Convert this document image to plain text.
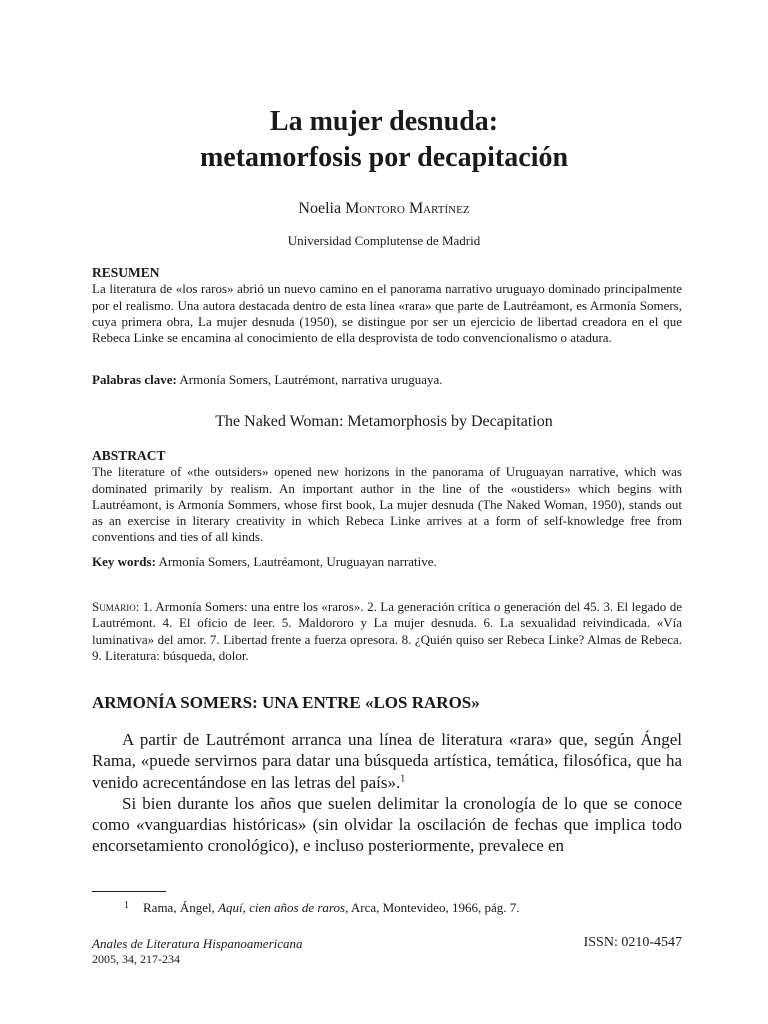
La mujer desnuda:
metamorfosis por decapitación
Noelia Montoro Martínez
Universidad Complutense de Madrid
RESUMEN
La literatura de «los raros» abrió un nuevo camino en el panorama narrativo uruguayo dominado principalmente por el realismo. Una autora destacada dentro de esta línea «rara» que parte de Lautréamont, es Armonía Somers, cuya primera obra, La mujer desnuda (1950), se distingue por ser un ejercicio de libertad creadora en el que Rebeca Linke se encamina al conocimiento de ella desprovista de todo convencionalismo o atadura.
Palabras clave: Armonía Somers, Lautrémont, narrativa uruguaya.
The Naked Woman: Metamorphosis by Decapitation
ABSTRACT
The literature of «the outsiders» opened new horizons in the panorama of Uruguayan narrative, which was dominated primarily by realism. An important author in the line of the «oustiders» which begins with Lautréamont, is Armonía Sommers, whose first book, La mujer desnuda (The Naked Woman, 1950), stands out as an exercise in literary creativity in which Rebeca Linke arrives at a form of self-knowledge free from conventions and ties of all kinds.
Key words: Armonía Somers, Lautréamont, Uruguayan narrative.
Sumario: 1. Armonía Somers: una entre los «raros». 2. La generación crítica o generación del 45. 3. El legado de Lautrémont. 4. El oficio de leer. 5. Maldororo y La mujer desnuda. 6. La sexualidad reivindicada. «Vía luminativa» del amor. 7. Libertad frente a fuerza opresora. 8. ¿Quién quiso ser Rebeca Linke? Almas de Rebeca. 9. Literatura: búsqueda, dolor.
ARMONÍA SOMERS: UNA ENTRE «LOS RAROS»

A partir de Lautrémont arranca una línea de literatura «rara» que, según Ángel Rama, «puede servirnos para datar una búsqueda artística, temática, filosófica, que ha venido acrecentándose en las letras del país».$^1$

Si bien durante los años que suelen delimitar la cronología de lo que se conoce como «vanguardias históricas» (sin olvidar la oscilación de fechas que implica todo encorsetamiento cronológico), e incluso posteriormente, prevalece en

$^1$ Rama, Ángel, Aquí, cien años de raros, Arca, Montevideo, 1966, pág. 7.
Anales de Literatura Hispanoamericana
2005, 34, 217-234
ISSN: 0210-4547
